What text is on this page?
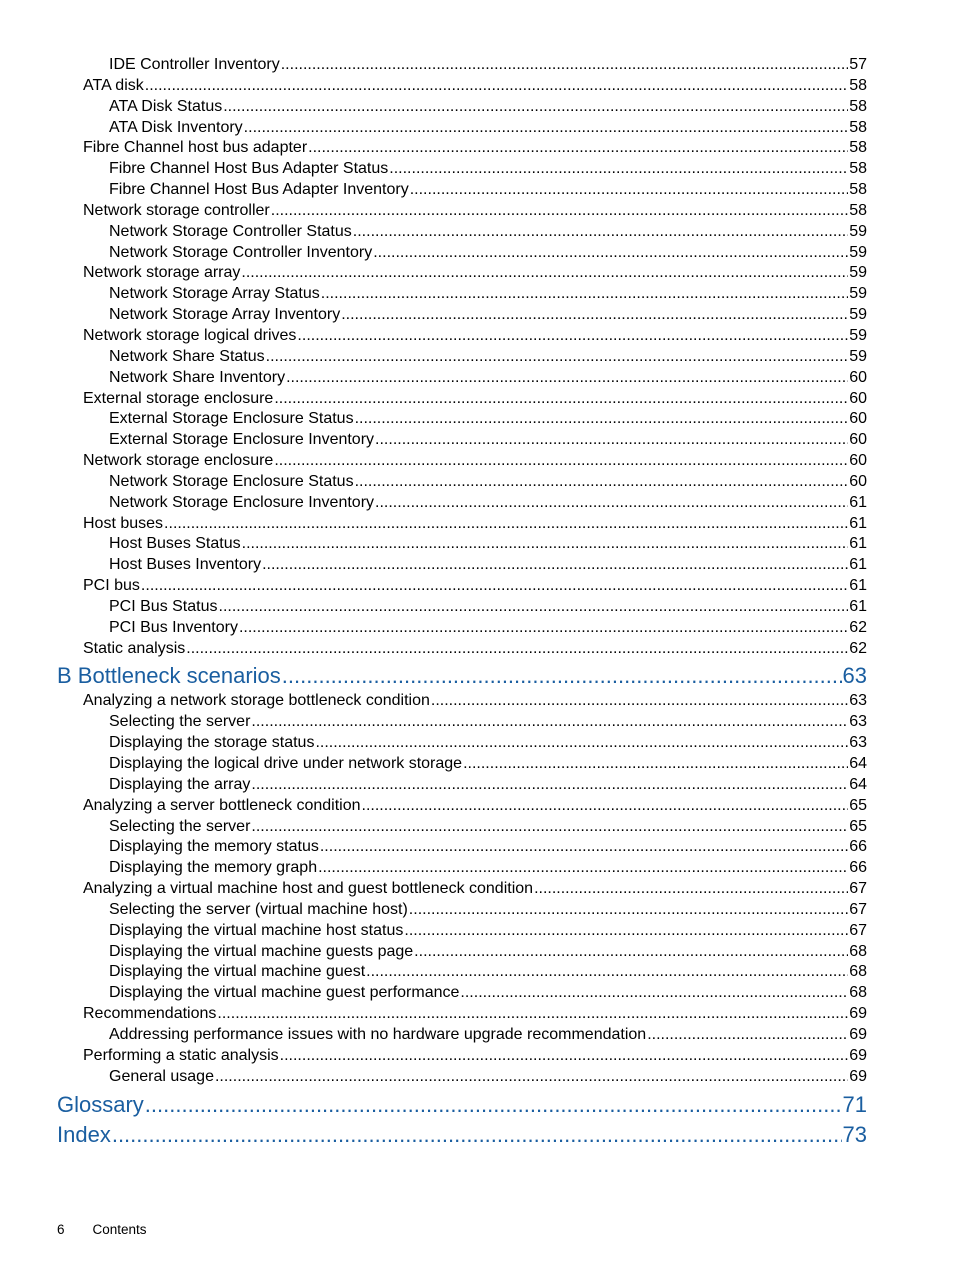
IDE Controller Inventory .....	57
ATA disk .....	58
ATA Disk Status .....	58
ATA Disk Inventory .....	58
Fibre Channel host bus adapter .....	58
Fibre Channel Host Bus Adapter Status .....	58
Fibre Channel Host Bus Adapter Inventory .....	58
Network storage controller .....	58
Network Storage Controller Status .....	59
Network Storage Controller Inventory .....	59
Network storage array .....	59
Network Storage Array Status .....	59
Network Storage Array Inventory .....	59
Network storage logical drives .....	59
Network Share Status .....	59
Network Share Inventory .....	60
External storage enclosure .....	60
External Storage Enclosure Status .....	60
External Storage Enclosure Inventory .....	60
Network storage enclosure .....	60
Network Storage Enclosure Status .....	60
Network Storage Enclosure Inventory .....	61
Host buses .....	61
Host Buses Status .....	61
Host Buses Inventory .....	61
PCI bus .....	61
PCI Bus Status .....	61
PCI Bus Inventory .....	62
Static analysis .....	62
B Bottleneck scenarios .....	63
Analyzing a network storage bottleneck condition .....	63
Selecting the server .....	63
Displaying the storage status .....	63
Displaying the logical drive under network storage .....	64
Displaying the array .....	64
Analyzing a server bottleneck condition .....	65
Selecting the server .....	65
Displaying the memory status .....	66
Displaying the memory graph .....	66
Analyzing a virtual machine host and guest bottleneck condition .....	67
Selecting the server (virtual machine host) .....	67
Displaying the virtual machine host status .....	67
Displaying the virtual machine guests page .....	68
Displaying the virtual machine guest .....	68
Displaying the virtual machine guest performance .....	68
Recommendations .....	69
Addressing performance issues with no hardware upgrade recommendation .....	69
Performing a static analysis .....	69
General usage .....	69
Glossary .....	71
Index .....	73
6 Contents
